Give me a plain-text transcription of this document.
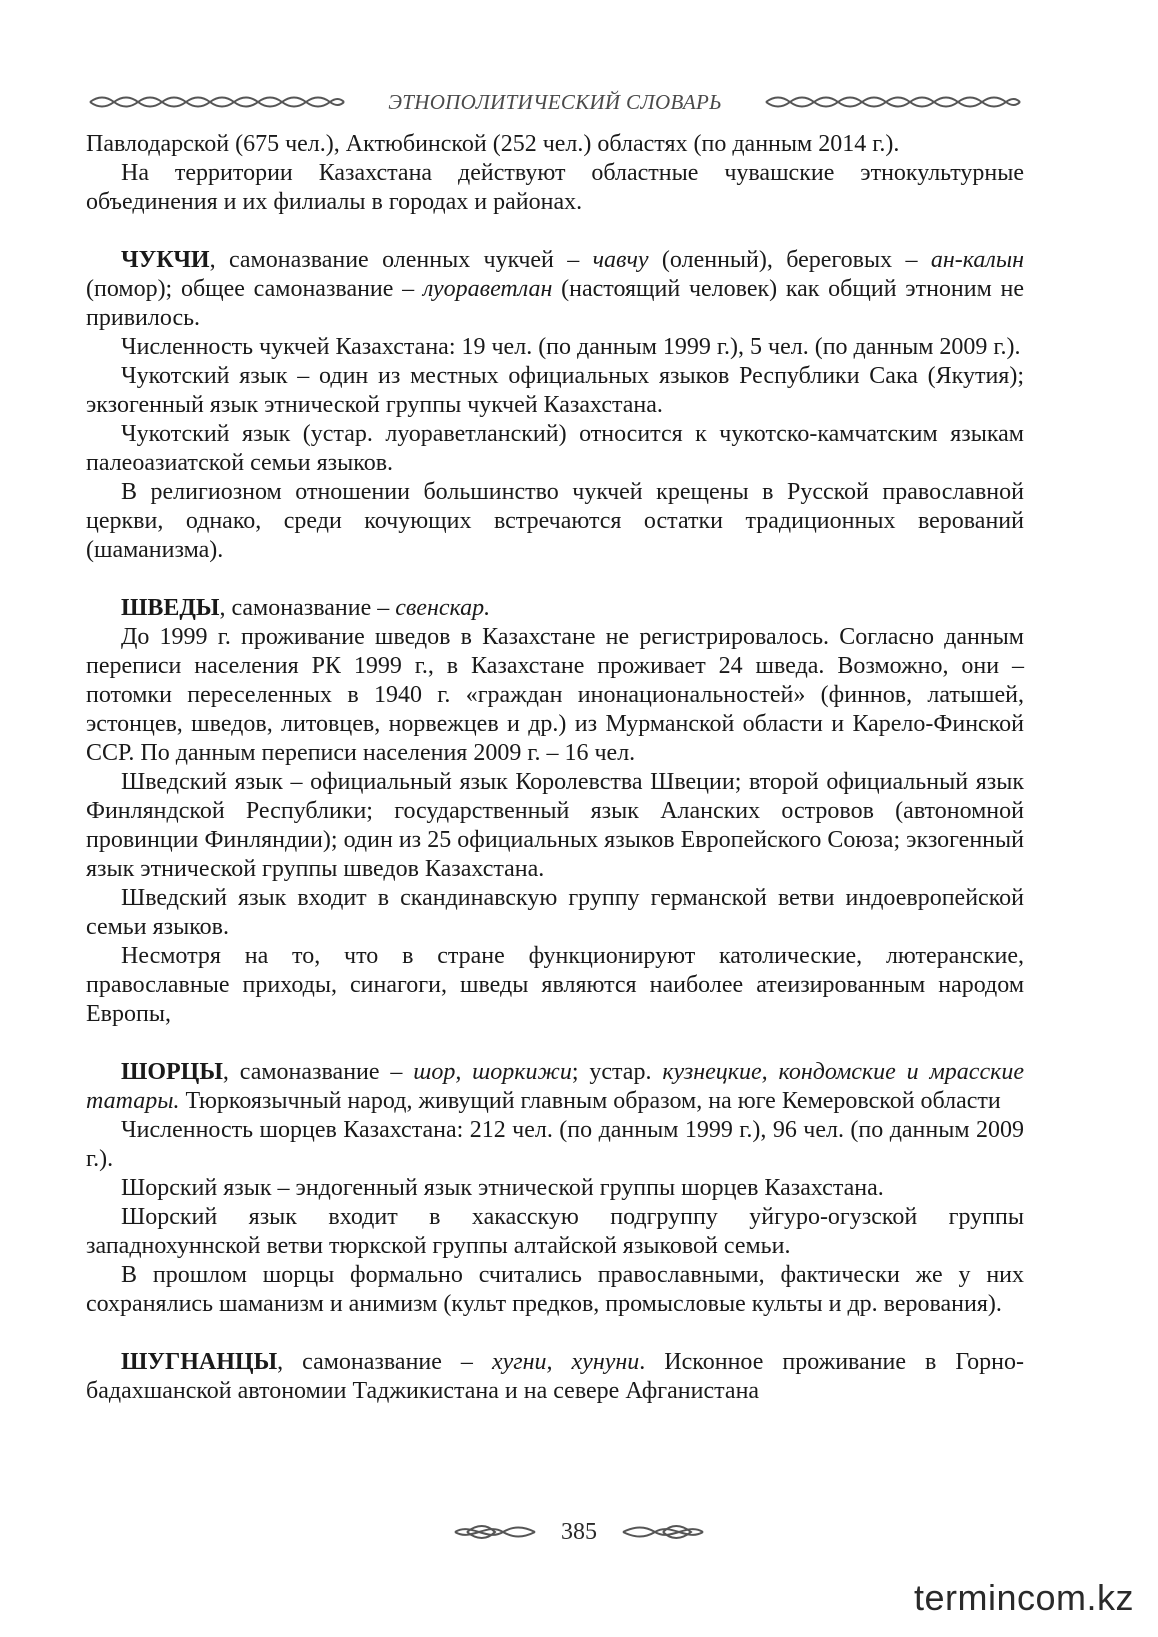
ЭТНОПОЛИТИЧЕСКИЙ СЛОВАРЬ

Павлодарской (675 чел.), Актюбинской (252 чел.) областях (по данным 2014 г.).

На территории Казахстана действуют областные чувашские этнокультурные объединения и их филиалы в городах и районах.

ЧУКЧИ, самоназвание оленных чукчей – чавчу (оленный), береговых – ан-калын (помор); общее самоназвание – луораветлан (настоящий человек) как общий этноним не привилось.

Численность чукчей Казахстана: 19 чел. (по данным 1999 г.), 5 чел. (по данным 2009 г.).

Чукотский язык – один из местных официальных языков Республики Сака (Якутия); экзогенный язык этнической группы чукчей Казахстана.

Чукотский язык (устар. луораветланский) относится к чукотско-камчатским языкам палеоазиатской семьи языков.

В религиозном отношении большинство чукчей крещены в Русской православной церкви, однако, среди кочующих встречаются остатки традиционных верований (шаманизма).

ШВЕДЫ, самоназвание – свенскар.

До 1999 г. проживание шведов в Казахстане не регистрировалось. Согласно данным переписи населения РК 1999 г., в Казахстане проживает 24 шведа. Возможно, они – потомки переселенных в 1940 г. «граждан инонациональностей» (финнов, латышей, эстонцев, шведов, литовцев, норвежцев и др.) из Мурманской области и Карело-Финской ССР. По данным переписи населения 2009 г. – 16 чел.

Шведский язык – официальный язык Королевства Швеции; второй официальный язык Финляндской Республики; государственный язык Аланских островов (автономной провинции Финляндии); один из 25 официальных языков Европейского Союза; экзогенный язык этнической группы шведов Казахстана.

Шведский язык входит в скандинавскую группу германской ветви индоевропейской семьи языков.

Несмотря на то, что в стране функционируют католические, лютеранские, православные приходы, синагоги, шведы являются наиболее атеизированным народом Европы,

ШОРЦЫ, самоназвание – шор, шоркижи; устар. кузнецкие, кондомские и мрасские татары. Тюркоязычный народ, живущий главным образом, на юге Кемеровской области

Численность шорцев Казахстана: 212 чел. (по данным 1999 г.), 96 чел. (по данным 2009 г.).

Шорский язык – эндогенный язык этнической группы шорцев Казахстана.

Шорский язык входит в хакасскую подгруппу уйгуро-огузской группы западнохуннской ветви тюркской группы алтайской языковой семьи.

В прошлом шорцы формально считались православными, фактически же у них сохранялись шаманизм и анимизм (культ предков, промысловые культы и др. верования).

ШУГНАНЦЫ, самоназвание – хугни, хунуни. Исконное проживание в Горно- бадахшанской автономии Таджикистана и на севере Афганистана

385
termincom.kz
